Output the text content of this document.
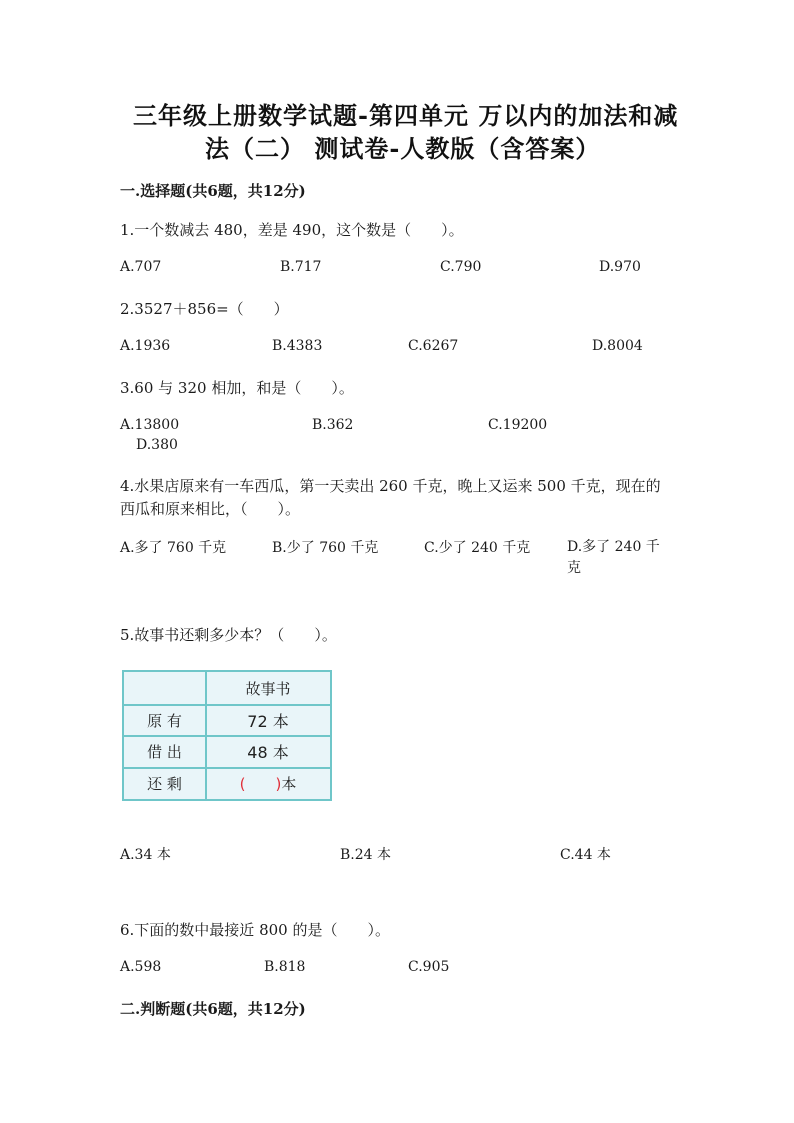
三年级上册数学试题-第四单元 万以内的加法和减
法（二） 测试卷-人教版（含答案）
一.选择题(共6题，共12分)
1.一个数减去 480，差是 490，这个数是（　　）。
A.707	B.717	C.790	D.970
2.3527＋856=（　　）
A.1936	B.4383	C.6267	D.8004
3.60 与 320 相加，和是（　　）。
A.13800	B.362	C.19200
D.380
4.水果店原来有一车西瓜，第一天卖出 260 千克，晚上又运来 500 千克，现在的西瓜和原来相比，（　　）。
A.多了 760 千克	B.少了 760 千克	C.少了 240 千克	D.多了 240 千克
5.故事书还剩多少本？（　　）。
故事书
原 有	72 本
借 出	48 本
还 剩	(　　) 本
A.34 本	B.24 本	C.44 本
6.下面的数中最接近 800 的是（　　）。
A.598	B.818	C.905
二.判断题(共6题，共12分)
